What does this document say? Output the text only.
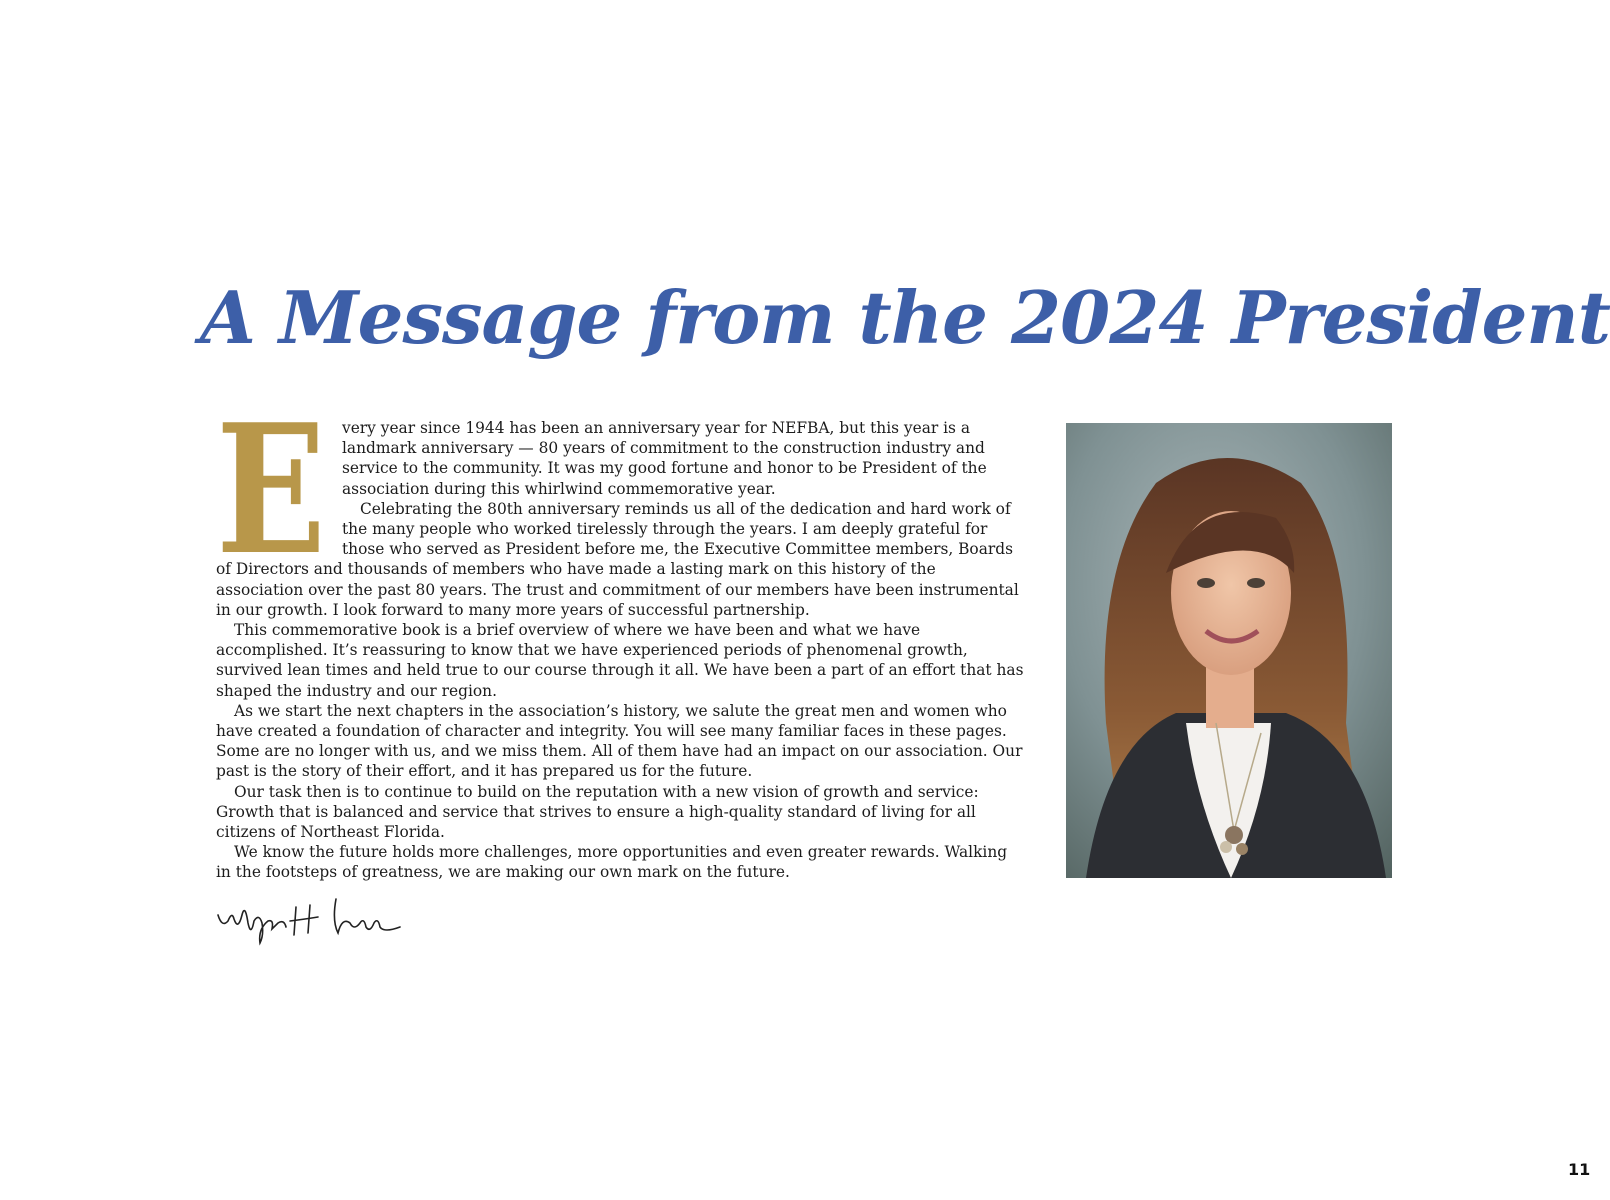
A Message from the 2024 President
E	very year since 1944 has been an anniversary year for NEFBA, but this year is a landmark anniversary — 80 years of commitment to the construction industry and service to the community. It was my good fortune and honor to be President of the association during this whirlwind commemorative year.

Celebrating the 80th anniversary reminds us all of the dedication and hard work of the many people who worked tirelessly through the years. I am deeply grateful for those who served as President before me, the Executive Committee members, Boards of Directors and thousands of members who have made a lasting mark on this history of the association over the past 80 years. The trust and commitment of our members have been instrumental in our growth. I look forward to many more years of successful partnership.

This commemorative book is a brief overview of where we have been and what we have accomplished. It’s reassuring to know that we have experienced periods of phenomenal growth, survived lean times and held true to our course through it all. We have been a part of an effort that has shaped the industry and our region.

As we start the next chapters in the association’s history, we salute the great men and women who have created a foundation of character and integrity. You will see many familiar faces in these pages. Some are no longer with us, and we miss them. All of them have had an impact on our association. Our past is the story of their effort, and it has prepared us for the future.

Our task then is to continue to build on the reputation with a new vision of growth and service: Growth that is balanced and service that strives to ensure a high-quality standard of living for all citizens of Northeast Florida.

We know the future holds more challenges, more opportunities and even greater rewards. Walking in the footsteps of greatness, we are making our own mark on the future.

11
